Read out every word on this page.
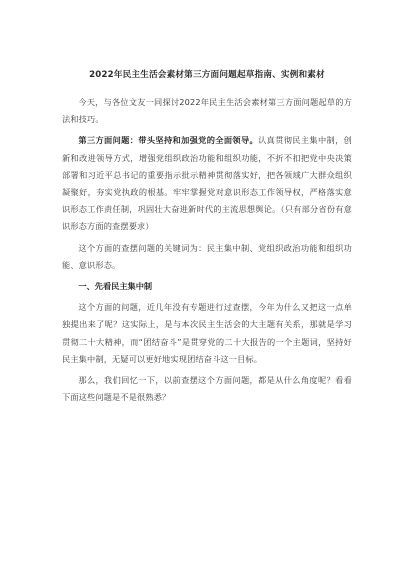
2022年民主生活会素材第三方面问题起草指南、实例和素材

今天，与各位文友一同探讨2022年民主生活会素材第三方面问题起草的方法和技巧。

第三方面问题：带头坚持和加强党的全面领导。认真贯彻民主集中制，创新和改进领导方式，增强党组织政治功能和组织功能，不折不扣把党中央决策部署和习近平总书记的重要指示批示精神贯彻落实好，把各领域广大群众组织凝聚好，夯实党执政的根基。牢牢掌握党对意识形态工作领导权，严格落实意识形态工作责任制，巩固壮大奋进新时代的主流思想舆论。（只有部分省份有意识形态方面的查摆要求）

这个方面的查摆问题的关键词为：民主集中制、党组织政治功能和组织功能、意识形态。

一、先看民主集中制

这个方面的问题，近几年没有专题进行过查摆，今年为什么又把这一点单独提出来了呢？这实际上，是与本次民主生活会的大主题有关系，那就是学习贯彻二十大精神，而“团结奋斗”是贯穿党的二十大报告的一个主题词，坚持好民主集中制，无疑可以更好地实现团结奋斗这一目标。

那么，我们回忆一下，以前查摆这个方面问题，都是从什么角度呢？看看下面这些问题是不是很熟悉？
